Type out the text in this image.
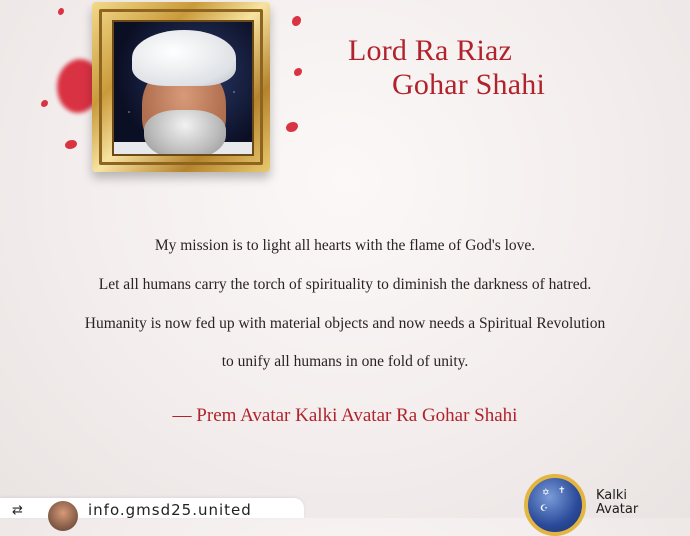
Lord Ra Riaz
Gohar Shahi
My mission is to light all hearts with the flame of God's love.
Let all humans carry the torch of spirituality to diminish the darkness of hatred.
Humanity is now fed up with material objects and now needs a Spiritual Revolution
to unify all humans in one fold of unity.
— Prem Avatar Kalki Avatar Ra Gohar Shahi
✡ ✝
☪
Kalki
Avatar
⇄	info.gmsd25.united
